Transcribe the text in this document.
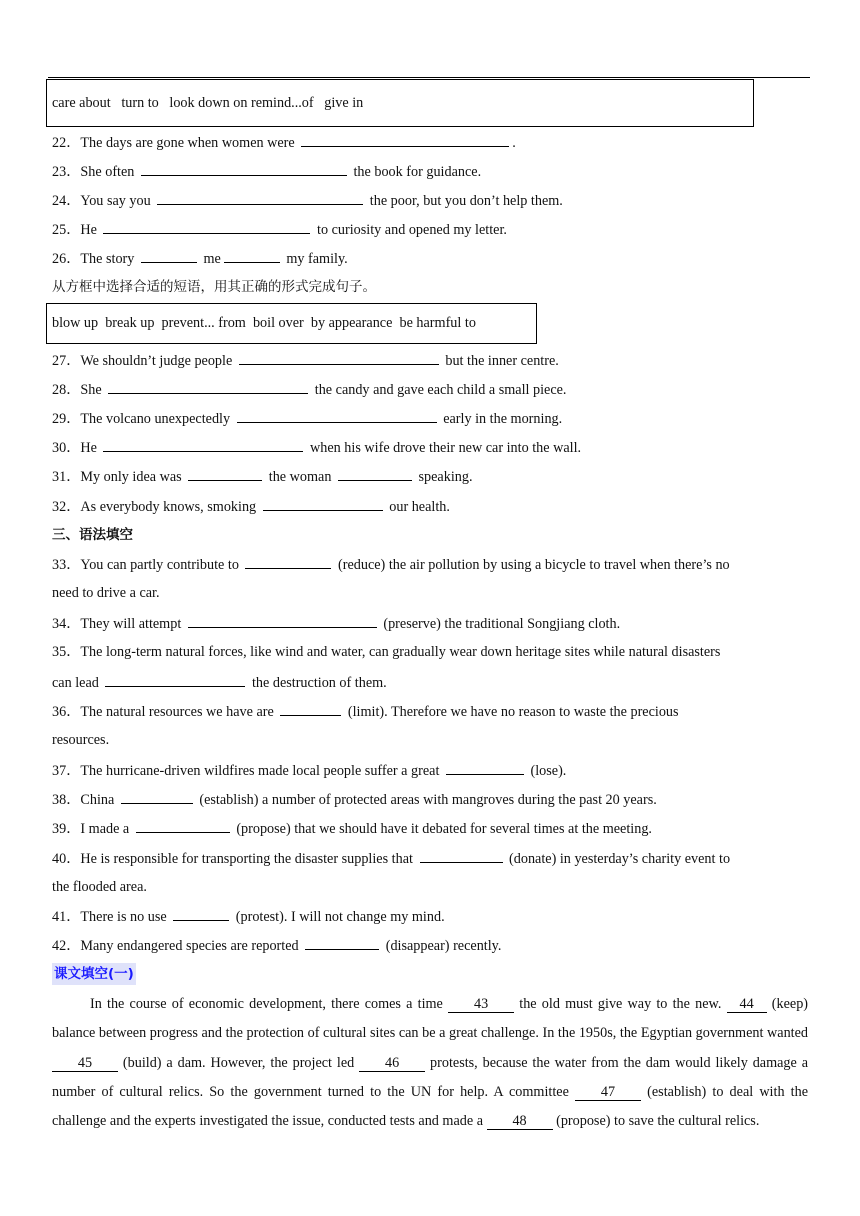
care about   turn to   look down on remind...of   give in
22．The days are gone when women were	.
23．She often	the book for guidance.
24．You say you	the poor, but you don’t help them.
25．He	to curiosity and opened my letter.
26．The story	me	my family.
从方框中选择合适的短语，用其正确的形式完成句子。
blow up  break up  prevent... from  boil over  by appearance  be harmful to
27．We shouldn’t judge people	but the inner centre.
28．She	the candy and gave each child a small piece.
29．The volcano unexpectedly	early in the morning.
30．He	when his wife drove their new car into the wall.
31．My only idea was	the woman	speaking.
32．As everybody knows, smoking	our health.
三、语法填空
33．You can partly contribute to	(reduce) the air pollution by using a bicycle to travel when there’s no
need to drive a car.
34．They will attempt	(preserve) the traditional Songjiang cloth.
35．The long-term natural forces, like wind and water, can gradually wear down heritage sites while natural disasters
can lead	the destruction of them.
36．The natural resources we have are	(limit). Therefore we have no reason to waste the precious
resources.
37．The hurricane-driven wildfires made local people suffer a great	(lose).
38．China	(establish) a number of protected areas with mangroves during the past 20 years.
39．I made a	(propose) that we should have it debated for several times at the meeting.
40．He is responsible for transporting the disaster supplies that	(donate) in yesterday’s charity event to
the flooded area.
41．There is no use	(protest). I will not change my mind.
42．Many endangered species are reported	(disappear) recently.
课文填空(一)

In the course of economic development, there comes a time 43 the old must give way to the new. 44 (keep) balance between progress and the protection of cultural sites can be a great challenge. In the 1950s, the Egyptian government wanted 45 (build) a dam. However, the project led 46 protests, because the water from the dam would likely damage a number of cultural relics. So the government turned to the UN for help. A committee 47 (establish) to deal with the challenge and the experts investigated the issue, conducted tests and made a 48 (propose) to save the cultural relics.
